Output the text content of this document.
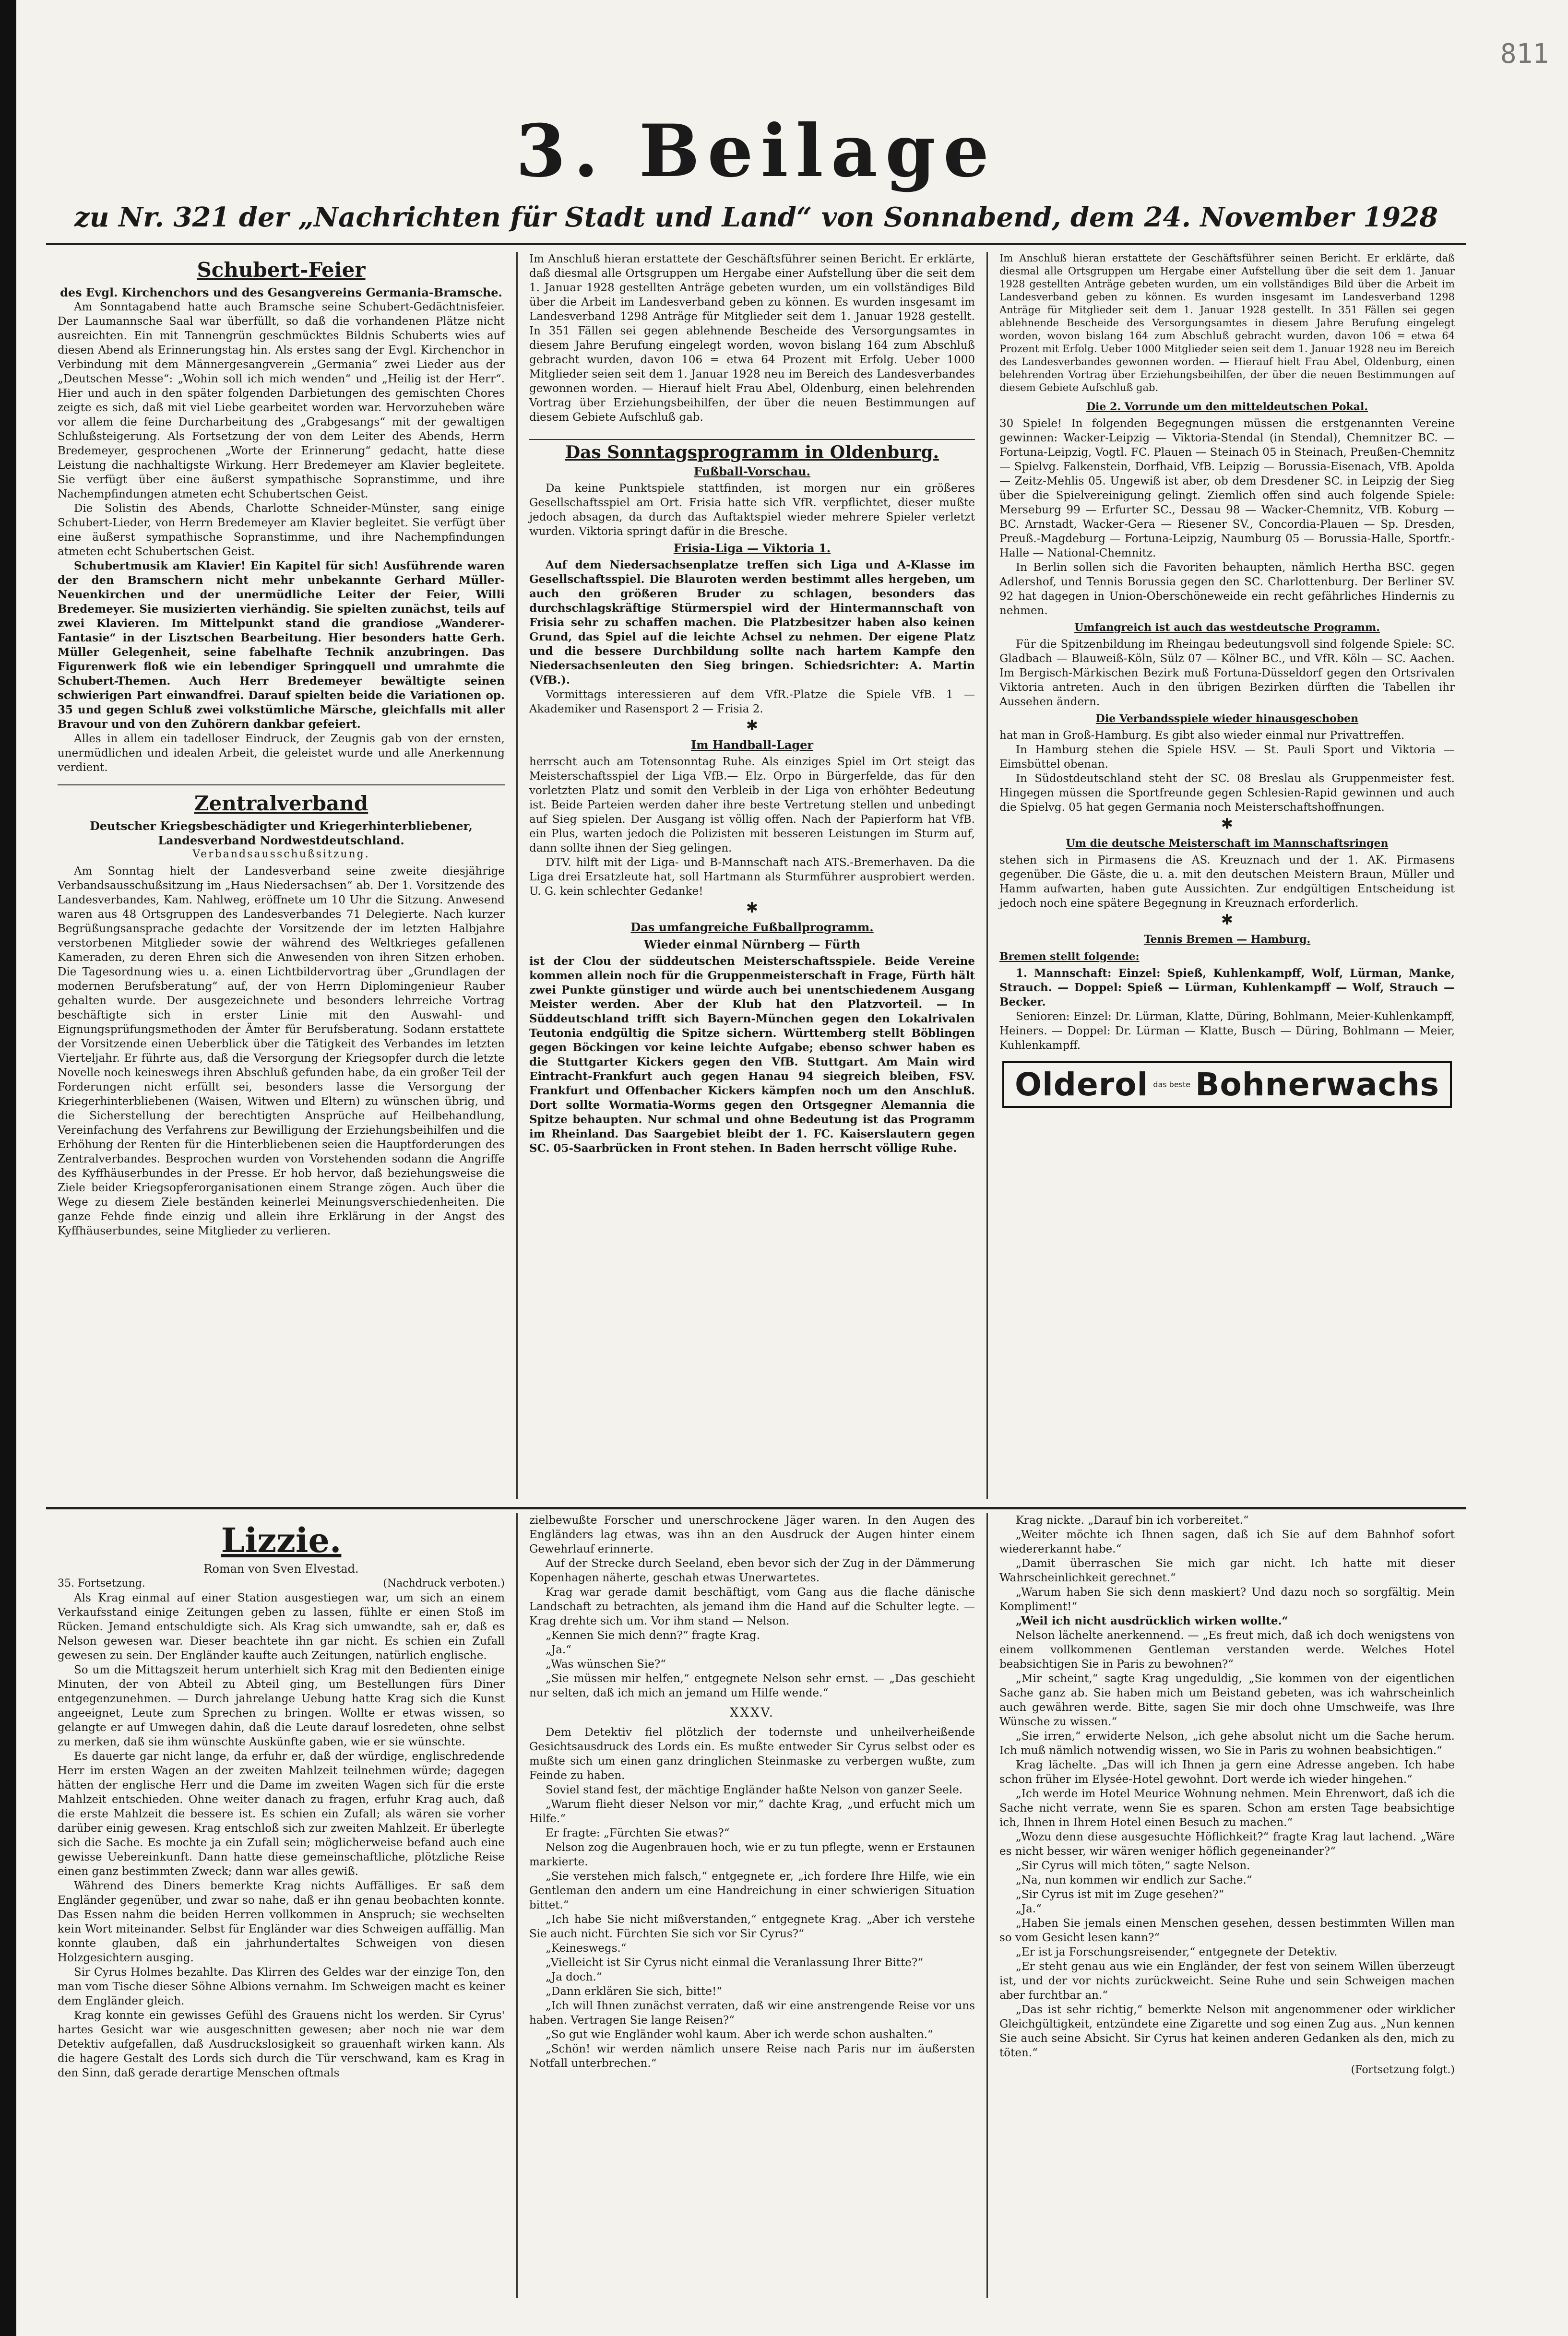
811
3. Beilage
zu Nr. 321 der „Nachrichten für Stadt und Land“ von Sonnabend, dem 24. November 1928
Schubert-Feier
des Evgl. Kirchenchors und des Gesangvereins Germania-Bramsche.

Am Sonntagabend hatte auch Bramsche seine Schubert-Gedächtnisfeier. Der Laumannsche Saal war überfüllt, so daß die vorhandenen Plätze nicht ausreichten. Ein mit Tannengrün geschmücktes Bildnis Schuberts wies auf diesen Abend als Erinnerungstag hin. Als erstes sang der Evgl. Kirchenchor in Verbindung mit dem Männergesangverein „Germania“ zwei Lieder aus der „Deutschen Messe“: „Wohin soll ich mich wenden“ und „Heilig ist der Herr“. Hier und auch in den später folgenden Darbietungen des gemischten Chores zeigte es sich, daß mit viel Liebe gearbeitet worden war. Hervorzuheben wäre vor allem die feine Durcharbeitung des „Grabgesangs“ mit der gewaltigen Schlußsteigerung. Als Fortsetzung der von dem Leiter des Abends, Herrn Bredemeyer, gesprochenen „Worte der Erinnerung“ gedacht, hatte diese Leistung die nachhaltigste Wirkung. Herr Bredemeyer am Klavier begleitete. Sie verfügt über eine äußerst sympathische Sopranstimme, und ihre Nachempfindungen atmeten echt Schubertschen Geist.

Die Solistin des Abends, Charlotte Schneider-Münster, sang einige Schubert-Lieder, von Herrn Bredemeyer am Klavier begleitet. Sie verfügt über eine äußerst sympathische Sopranstimme, und ihre Nachempfindungen atmeten echt Schubertschen Geist.

Schubertmusik am Klavier! Ein Kapitel für sich! Ausführende waren der den Bramschern nicht mehr unbekannte Gerhard Müller-Neuenkirchen und der unermüdliche Leiter der Feier, Willi Bredemeyer. Sie musizierten vierhändig. Sie spielten zunächst, teils auf zwei Klavieren. Im Mittelpunkt stand die grandiose „Wanderer-Fantasie“ in der Lisztschen Bearbeitung. Hier besonders hatte Gerh. Müller Gelegenheit, seine fabelhafte Technik anzubringen. Das Figurenwerk floß wie ein lebendiger Springquell und umrahmte die Schubert-Themen. Auch Herr Bredemeyer bewältigte seinen schwierigen Part einwandfrei. Darauf spielten beide die Variationen op. 35 und gegen Schluß zwei volkstümliche Märsche, gleichfalls mit aller Bravour und von den Zuhörern dankbar gefeiert.

Alles in allem ein tadelloser Eindruck, der Zeugnis gab von der ernsten, unermüdlichen und idealen Arbeit, die geleistet wurde und alle Anerkennung verdient.

Zentralverband
Deutscher Kriegsbeschädigter und Kriegerhinterbliebener, Landesverband Nordwestdeutschland.
Verbandsausschußsitzung.

Am Sonntag hielt der Landesverband seine zweite diesjährige Verbandsausschußsitzung im „Haus Niedersachsen“ ab. Der 1. Vorsitzende des Landesverbandes, Kam. Nahlweg, eröffnete um 10 Uhr die Sitzung. Anwesend waren aus 48 Ortsgruppen des Landesverbandes 71 Delegierte. Nach kurzer Begrüßungsansprache gedachte der Vorsitzende der im letzten Halbjahre verstorbenen Mitglieder sowie der während des Weltkrieges gefallenen Kameraden, zu deren Ehren sich die Anwesenden von ihren Sitzen erhoben. Die Tagesordnung wies u. a. einen Lichtbildervortrag über „Grundlagen der modernen Berufsberatung“ auf, der von Herrn Diplomingenieur Rauber gehalten wurde. Der ausgezeichnete und besonders lehrreiche Vortrag beschäftigte sich in erster Linie mit den Auswahl- und Eignungsprüfungsmethoden der Ämter für Berufsberatung. Sodann erstattete der Vorsitzende einen Ueberblick über die Tätigkeit des Verbandes im letzten Vierteljahr. Er führte aus, daß die Versorgung der Kriegsopfer durch die letzte Novelle noch keineswegs ihren Abschluß gefunden habe, da ein großer Teil der Forderungen nicht erfüllt sei, besonders lasse die Versorgung der Kriegerhinterbliebenen (Waisen, Witwen und Eltern) zu wünschen übrig, und die Sicherstellung der berechtigten Ansprüche auf Heilbehandlung, Vereinfachung des Verfahrens zur Bewilligung der Erziehungsbeihilfen und die Erhöhung der Renten für die Hinterbliebenen seien die Hauptforderungen des Zentralverbandes. Besprochen wurden von Vorstehenden sodann die Angriffe des Kyffhäuserbundes in der Presse. Er hob hervor, daß beziehungsweise die Ziele beider Kriegsopferorganisationen einem Strange zögen. Auch über die Wege zu diesem Ziele beständen keinerlei Meinungsverschiedenheiten. Die ganze Fehde finde einzig und allein ihre Erklärung in der Angst des Kyffhäuserbundes, seine Mitglieder zu verlieren.

Im Anschluß hieran erstattete der Geschäftsführer seinen Bericht. Er erklärte, daß diesmal alle Ortsgruppen um Hergabe einer Aufstellung über die seit dem 1. Januar 1928 gestellten Anträge gebeten wurden, um ein vollständiges Bild über die Arbeit im Landesverband geben zu können. Es wurden insgesamt im Landesverband 1298 Anträge für Mitglieder seit dem 1. Januar 1928 gestellt. In 351 Fällen sei gegen ablehnende Bescheide des Versorgungsamtes in diesem Jahre Berufung eingelegt worden, wovon bislang 164 zum Abschluß gebracht wurden, davon 106 = etwa 64 Prozent mit Erfolg. Ueber 1000 Mitglieder seien seit dem 1. Januar 1928 neu im Bereich des Landesverbandes gewonnen worden. — Hierauf hielt Frau Abel, Oldenburg, einen belehrenden Vortrag über Erziehungsbeihilfen, der über die neuen Bestimmungen auf diesem Gebiete Aufschluß gab.

Das Sonntagsprogramm in Oldenburg.
Fußball-Vorschau.

Da keine Punktspiele stattfinden, ist morgen nur ein größeres Gesellschaftsspiel am Ort. Frisia hatte sich VfR. verpflichtet, dieser mußte jedoch absagen, da durch das Auftaktspiel wieder mehrere Spieler verletzt wurden. Viktoria springt dafür in die Bresche.

Frisia-Liga — Viktoria 1.

Auf dem Niedersachsenplatze treffen sich Liga und A-Klasse im Gesellschaftsspiel. Die Blauroten werden bestimmt alles hergeben, um auch den größeren Bruder zu schlagen, besonders das durchschlagskräftige Stürmerspiel wird der Hintermannschaft von Frisia sehr zu schaffen machen. Die Platzbesitzer haben also keinen Grund, das Spiel auf die leichte Achsel zu nehmen. Der eigene Platz und die bessere Durchbildung sollte nach hartem Kampfe den Niedersachsenleuten den Sieg bringen. Schiedsrichter: A. Martin (VfB.).

Vormittags interessieren auf dem VfR.-Platze die Spiele VfB. 1 — Akademiker und Rasensport 2 — Frisia 2.

✱
Im Handball-Lager

herrscht auch am Totensonntag Ruhe. Als einziges Spiel im Ort steigt das Meisterschaftsspiel der Liga VfB.— Elz. Orpo in Bürgerfelde, das für den vorletzten Platz und somit den Verbleib in der Liga von erhöhter Bedeutung ist. Beide Parteien werden daher ihre beste Vertretung stellen und unbedingt auf Sieg spielen. Der Ausgang ist völlig offen. Nach der Papierform hat VfB. ein Plus, warten jedoch die Polizisten mit besseren Leistungen im Sturm auf, dann sollte ihnen der Sieg gelingen.

DTV. hilft mit der Liga- und B-Mannschaft nach ATS.-Bremerhaven. Da die Liga drei Ersatzleute hat, soll Hartmann als Sturmführer ausprobiert werden. U. G. kein schlechter Gedanke!

✱
Das umfangreiche Fußballprogramm.
Wieder einmal Nürnberg — Fürth

ist der Clou der süddeutschen Meisterschaftsspiele. Beide Vereine kommen allein noch für die Gruppenmeisterschaft in Frage, Fürth hält zwei Punkte günstiger und würde auch bei unentschiedenem Ausgang Meister werden. Aber der Klub hat den Platzvorteil. — In Süddeutschland trifft sich Bayern-München gegen den Lokalrivalen Teutonia endgültig die Spitze sichern. Württemberg stellt Böblingen gegen Böckingen vor keine leichte Aufgabe; ebenso schwer haben es die Stuttgarter Kickers gegen den VfB. Stuttgart. Am Main wird Eintracht-Frankfurt auch gegen Hanau 94 siegreich bleiben, FSV. Frankfurt und Offenbacher Kickers kämpfen noch um den Anschluß. Dort sollte Wormatia-Worms gegen den Ortsgegner Alemannia die Spitze behaupten. Nur schmal und ohne Bedeutung ist das Programm im Rheinland. Das Saargebiet bleibt der 1. FC. Kaiserslautern gegen SC. 05-Saarbrücken in Front stehen. In Baden herrscht völlige Ruhe.

Im Anschluß hieran erstattete der Geschäftsführer seinen Bericht. Er erklärte, daß diesmal alle Ortsgruppen um Hergabe einer Aufstellung über die seit dem 1. Januar 1928 gestellten Anträge gebeten wurden, um ein vollständiges Bild über die Arbeit im Landesverband geben zu können. Es wurden insgesamt im Landesverband 1298 Anträge für Mitglieder seit dem 1. Januar 1928 gestellt. In 351 Fällen sei gegen ablehnende Bescheide des Versorgungsamtes in diesem Jahre Berufung eingelegt worden, wovon bislang 164 zum Abschluß gebracht wurden, davon 106 = etwa 64 Prozent mit Erfolg. Ueber 1000 Mitglieder seien seit dem 1. Januar 1928 neu im Bereich des Landesverbandes gewonnen worden. — Hierauf hielt Frau Abel, Oldenburg, einen belehrenden Vortrag über Erziehungsbeihilfen, der über die neuen Bestimmungen auf diesem Gebiete Aufschluß gab.

Die 2. Vorrunde um den mitteldeutschen Pokal.

30 Spiele! In folgenden Begegnungen müssen die erstgenannten Vereine gewinnen: Wacker-Leipzig — Viktoria-Stendal (in Stendal), Chemnitzer BC. — Fortuna-Leipzig, Vogtl. FC. Plauen — Steinach 05 in Steinach, Preußen-Chemnitz — Spielvg. Falkenstein, Dorfhaid, VfB. Leipzig — Borussia-Eisenach, VfB. Apolda — Zeitz-Mehlis 05. Ungewiß ist aber, ob dem Dresdener SC. in Leipzig der Sieg über die Spielvereinigung gelingt. Ziemlich offen sind auch folgende Spiele: Merseburg 99 — Erfurter SC., Dessau 98 — Wacker-Chemnitz, VfB. Koburg — BC. Arnstadt, Wacker-Gera — Riesener SV., Concordia-Plauen — Sp. Dresden, Preuß.-Magdeburg — Fortuna-Leipzig, Naumburg 05 — Borussia-Halle, Sportfr.-Halle — National-Chemnitz.

In Berlin sollen sich die Favoriten behaupten, nämlich Hertha BSC. gegen Adlershof, und Tennis Borussia gegen den SC. Charlottenburg. Der Berliner SV. 92 hat dagegen in Union-Oberschöneweide ein recht gefährliches Hindernis zu nehmen.

Umfangreich ist auch das westdeutsche Programm.

Für die Spitzenbildung im Rheingau bedeutungsvoll sind folgende Spiele: SC. Gladbach — Blauweiß-Köln, Sülz 07 — Kölner BC., und VfR. Köln — SC. Aachen. Im Bergisch-Märkischen Bezirk muß Fortuna-Düsseldorf gegen den Ortsrivalen Viktoria antreten. Auch in den übrigen Bezirken dürften die Tabellen ihr Aussehen ändern.

Die Verbandsspiele wieder hinausgeschoben

hat man in Groß-Hamburg. Es gibt also wieder einmal nur Privattreffen.

In Hamburg stehen die Spiele HSV. — St. Pauli Sport und Viktoria — Eimsbüttel obenan.

In Südostdeutschland steht der SC. 08 Breslau als Gruppenmeister fest. Hingegen müssen die Sportfreunde gegen Schlesien-Rapid gewinnen und auch die Spielvg. 05 hat gegen Germania noch Meisterschaftshoffnungen.

✱
Um die deutsche Meisterschaft im Mannschaftsringen

stehen sich in Pirmasens die AS. Kreuznach und der 1. AK. Pirmasens gegenüber. Die Gäste, die u. a. mit den deutschen Meistern Braun, Müller und Hamm aufwarten, haben gute Aussichten. Zur endgültigen Entscheidung ist jedoch noch eine spätere Begegnung in Kreuznach erforderlich.

✱
Tennis Bremen — Hamburg.
Bremen stellt folgende:

1. Mannschaft: Einzel: Spieß, Kuhlenkampff, Wolf, Lürman, Manke, Strauch. — Doppel: Spieß — Lürman, Kuhlenkampff — Wolf, Strauch — Becker.

Senioren: Einzel: Dr. Lürman, Klatte, Düring, Bohlmann, Meier-Kuhlenkampff, Heiners. — Doppel: Dr. Lürman — Klatte, Busch — Düring, Bohlmann — Meier, Kuhlenkampff.

Olderol das beste Bohnerwachs
Lizzie.
Roman von Sven Elvestad.
35. Fortsetzung.	(Nachdruck verboten.)

Als Krag einmal auf einer Station ausgestiegen war, um sich an einem Verkaufsstand einige Zeitungen geben zu lassen, fühlte er einen Stoß im Rücken. Jemand entschuldigte sich. Als Krag sich umwandte, sah er, daß es Nelson gewesen war. Dieser beachtete ihn gar nicht. Es schien ein Zufall gewesen zu sein. Der Engländer kaufte auch Zeitungen, natürlich englische.

So um die Mittagszeit herum unterhielt sich Krag mit den Bedienten einige Minuten, der von Abteil zu Abteil ging, um Bestellungen fürs Diner entgegenzunehmen. — Durch jahrelange Uebung hatte Krag sich die Kunst angeeignet, Leute zum Sprechen zu bringen. Wollte er etwas wissen, so gelangte er auf Umwegen dahin, daß die Leute darauf losredeten, ohne selbst zu merken, daß sie ihm wünschte Auskünfte gaben, wie er sie wünschte.

Es dauerte gar nicht lange, da erfuhr er, daß der würdige, englischredende Herr im ersten Wagen an der zweiten Mahlzeit teilnehmen würde; dagegen hätten der englische Herr und die Dame im zweiten Wagen sich für die erste Mahlzeit entschieden. Ohne weiter danach zu fragen, erfuhr Krag auch, daß die erste Mahlzeit die bessere ist. Es schien ein Zufall; als wären sie vorher darüber einig gewesen. Krag entschloß sich zur zweiten Mahlzeit. Er überlegte sich die Sache. Es mochte ja ein Zufall sein; möglicherweise befand auch eine gewisse Uebereinkunft. Dann hatte diese gemeinschaftliche, plötzliche Reise einen ganz bestimmten Zweck; dann war alles gewiß.

Während des Diners bemerkte Krag nichts Auffälliges. Er saß dem Engländer gegenüber, und zwar so nahe, daß er ihn genau beobachten konnte. Das Essen nahm die beiden Herren vollkommen in Anspruch; sie wechselten kein Wort miteinander. Selbst für Engländer war dies Schweigen auffällig. Man konnte glauben, daß ein jahrhundertaltes Schweigen von diesen Holzgesichtern ausging.

Sir Cyrus Holmes bezahlte. Das Klirren des Geldes war der einzige Ton, den man vom Tische dieser Söhne Albions vernahm. Im Schweigen macht es keiner dem Engländer gleich.

Krag konnte ein gewisses Gefühl des Grauens nicht los werden. Sir Cyrus' hartes Gesicht war wie ausgeschnitten gewesen; aber noch nie war dem Detektiv aufgefallen, daß Ausdruckslosigkeit so grauenhaft wirken kann. Als die hagere Gestalt des Lords sich durch die Tür verschwand, kam es Krag in den Sinn, daß gerade derartige Menschen oftmals

zielbewußte Forscher und unerschrockene Jäger waren. In den Augen des Engländers lag etwas, was ihn an den Ausdruck der Augen hinter einem Gewehrlauf erinnerte.

Auf der Strecke durch Seeland, eben bevor sich der Zug in der Dämmerung Kopenhagen näherte, geschah etwas Unerwartetes.

Krag war gerade damit beschäftigt, vom Gang aus die flache dänische Landschaft zu betrachten, als jemand ihm die Hand auf die Schulter legte. — Krag drehte sich um. Vor ihm stand — Nelson.

„Kennen Sie mich denn?“ fragte Krag.

„Ja.“

„Was wünschen Sie?“

„Sie müssen mir helfen,“ entgegnete Nelson sehr ernst. — „Das geschieht nur selten, daß ich mich an jemand um Hilfe wende.“

XXXV.

Dem Detektiv fiel plötzlich der todernste und unheilverheißende Gesichtsausdruck des Lords ein. Es mußte entweder Sir Cyrus selbst oder es mußte sich um einen ganz dringlichen Steinmaske zu verbergen wußte, zum Feinde zu haben.

Soviel stand fest, der mächtige Engländer haßte Nelson von ganzer Seele.

„Warum flieht dieser Nelson vor mir,“ dachte Krag, „und erfucht mich um Hilfe.“

Er fragte: „Fürchten Sie etwas?“

Nelson zog die Augenbrauen hoch, wie er zu tun pflegte, wenn er Erstaunen markierte.

„Sie verstehen mich falsch,“ entgegnete er, „ich fordere Ihre Hilfe, wie ein Gentleman den andern um eine Handreichung in einer schwierigen Situation bittet.“

„Ich habe Sie nicht mißverstanden,“ entgegnete Krag. „Aber ich verstehe Sie auch nicht. Fürchten Sie sich vor Sir Cyrus?“

„Keineswegs.“

„Vielleicht ist Sir Cyrus nicht einmal die Veranlassung Ihrer Bitte?“

„Ja doch.“

„Dann erklären Sie sich, bitte!“

„Ich will Ihnen zunächst verraten, daß wir eine anstrengende Reise vor uns haben. Vertragen Sie lange Reisen?“

„So gut wie Engländer wohl kaum. Aber ich werde schon aushalten.“

„Schön! wir werden nämlich unsere Reise nach Paris nur im äußersten Notfall unterbrechen.“

Krag nickte. „Darauf bin ich vorbereitet.“

„Weiter möchte ich Ihnen sagen, daß ich Sie auf dem Bahnhof sofort wiedererkannt habe.“

„Damit überraschen Sie mich gar nicht. Ich hatte mit dieser Wahrscheinlichkeit gerechnet.“

„Warum haben Sie sich denn maskiert? Und dazu noch so sorgfältig. Mein Kompliment!“

„Weil ich nicht ausdrücklich wirken wollte.“

Nelson lächelte anerkennend. — „Es freut mich, daß ich doch wenigstens von einem vollkommenen Gentleman verstanden werde. Welches Hotel beabsichtigen Sie in Paris zu bewohnen?“

„Mir scheint,“ sagte Krag ungeduldig, „Sie kommen von der eigentlichen Sache ganz ab. Sie haben mich um Beistand gebeten, was ich wahrscheinlich auch gewähren werde. Bitte, sagen Sie mir doch ohne Umschweife, was Ihre Wünsche zu wissen.“

„Sie irren,“ erwiderte Nelson, „ich gehe absolut nicht um die Sache herum. Ich muß nämlich notwendig wissen, wo Sie in Paris zu wohnen beabsichtigen.“

Krag lächelte. „Das will ich Ihnen ja gern eine Adresse angeben. Ich habe schon früher im Elysée-Hotel gewohnt. Dort werde ich wieder hingehen.“

„Ich werde im Hotel Meurice Wohnung nehmen. Mein Ehrenwort, daß ich die Sache nicht verrate, wenn Sie es sparen. Schon am ersten Tage beabsichtige ich, Ihnen in Ihrem Hotel einen Besuch zu machen.“

„Wozu denn diese ausgesuchte Höflichkeit?“ fragte Krag laut lachend. „Wäre es nicht besser, wir wären weniger höflich gegeneinander?“

„Sir Cyrus will mich töten,“ sagte Nelson.

„Na, nun kommen wir endlich zur Sache.“

„Sir Cyrus ist mit im Zuge gesehen?“

„Ja.“

„Haben Sie jemals einen Menschen gesehen, dessen bestimmten Willen man so vom Gesicht lesen kann?“

„Er ist ja Forschungsreisender,“ entgegnete der Detektiv.

„Er steht genau aus wie ein Engländer, der fest von seinem Willen überzeugt ist, und der vor nichts zurückweicht. Seine Ruhe und sein Schweigen machen aber furchtbar an.“

„Das ist sehr richtig,“ bemerkte Nelson mit angenommener oder wirklicher Gleichgültigkeit, entzündete eine Zigarette und sog einen Zug aus. „Nun kennen Sie auch seine Absicht. Sir Cyrus hat keinen anderen Gedanken als den, mich zu töten.“

(Fortsetzung folgt.)
